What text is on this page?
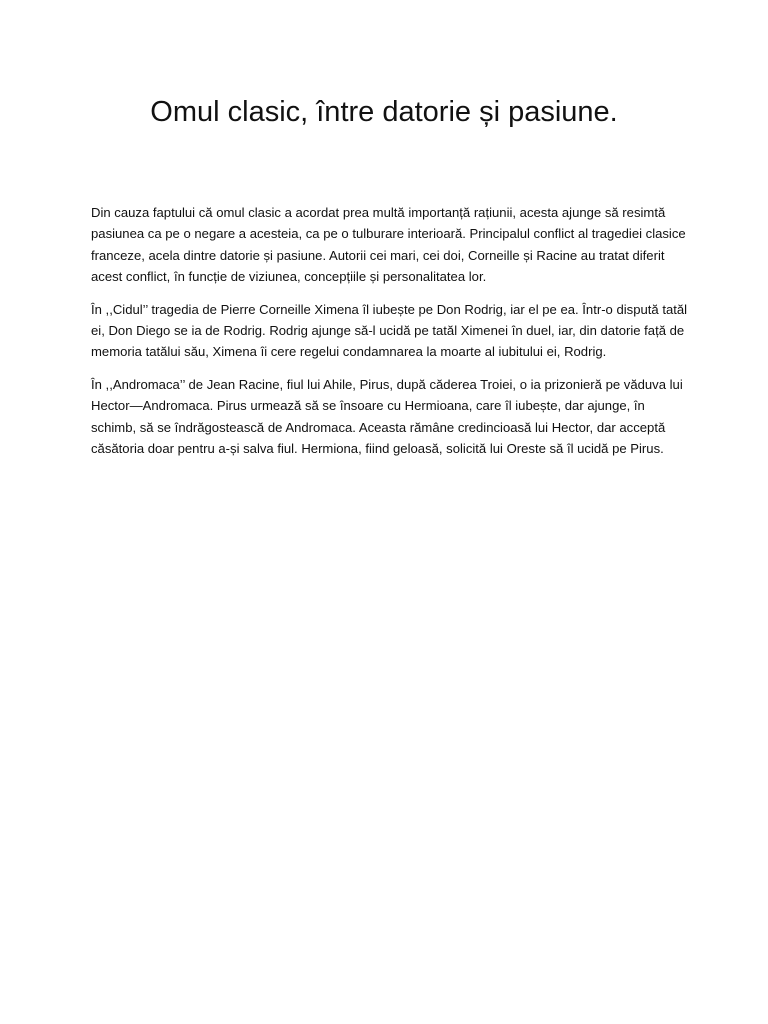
Omul clasic, între datorie și pasiune.

Din cauza faptului că omul clasic a acordat prea multă importanță rațiunii, acesta ajunge să resimtă pasiunea ca pe o negare a acesteia, ca pe o tulburare interioară. Principalul conflict al tragediei clasice franceze, acela dintre datorie și pasiune. Autorii cei mari, cei doi, Corneille și Racine au tratat diferit acest conflict, în funcție de viziunea, concepțiile și personalitatea lor.

În ,,Cidul’’ tragedia de Pierre Corneille Ximena îl iubește pe Don Rodrig, iar el pe ea. Într-o dispută tatăl ei, Don Diego se ia de Rodrig. Rodrig ajunge să-l ucidă pe tatăl Ximenei în duel, iar, din datorie față de memoria tatălui său, Ximena îi cere regelui condamnarea la moarte al iubitului ei, Rodrig.

În ,,Andromaca’’ de Jean Racine, fiul lui Ahile, Pirus, după căderea Troiei, o ia prizonieră pe văduva lui Hector—Andromaca. Pirus urmează să se însoare cu Hermioana, care îl iubește, dar ajunge, în schimb, să se îndrăgostească de Andromaca. Aceasta rămâne credincioasă lui Hector, dar acceptă căsătoria doar pentru a-și salva fiul. Hermiona, fiind geloasă, solicită lui Oreste să îl ucidă pe Pirus.
